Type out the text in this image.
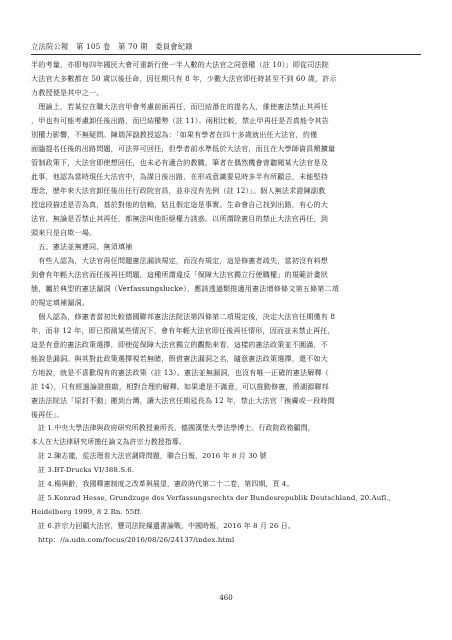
立法院公報　第 105 卷　第 70 期　委員會紀錄
半的考量，亦即每四年國民大會可重新行使一半人數的大法官之同意權（註 10）」即從司法院
大法官大多數都在 50 歲以後任命，因任期只有 8 年，少數大法官即任時甚至不到 60 歲，許示
力教授便是其中之一。
　理論上，若某位在職大法官甲會考慮前面再任，而巴結潛在的提名人，維使憲法禁止其再任
，甲也有可能考慮卸任後出路，而巴結權勢（註 11）。兩相比較，禁止甲再任是否真能令其告
別權力影響，不無疑問。陳瑞萍副教授認為：「如果有學者在四十多歲就出任大法官，約僅
面臨提名任後的出路問題，可法界可回任，但學者前水準低於大法官，而且在大學師資員額擴量
管制政策下，大法官即使想回任，也未必有適合的教職，筆者在偶然機會曾聽聞某大法官是及
此事，他認為當時現任大法官中，為謀日後出路，在形成意識要見時多半有所顧忌，未能堅持
理念，歷年來大法官卸任後出任行政院官員，並非沒有先例（註 12）」。個人無法求證陳副教
授這段描述是否為真，基於對他的信賴，姑且假定這是事實。生命會自己找到出路，有心的大
法官，無論是否禁止其再任，都無法叫他拒絕權力誘惑。以所謂除憲目的禁止大法官再任，到
頭來只是自欺一場。
　五、憲法並無連同、無須填補
　有些人認為，大法官再任問題憲法漏該規定，而沒有規定，這是修憲者疏失，當初沒有料想
到會有年輕大法官而任後再任問題，這種所謂違反「保障大法官獨立行使職權」的規範計畫狀
態，屬於典型的憲法漏洞（Verfassungslucke），應該透過類推適用憲法增修條文第五條第二項
的規定填補漏洞。
　個人認為，修憲者當初比較德國聯邦憲法法院法第四條第二項規定後，決定大法官任期僅有 8
年，而非 12 年，即已預測某些情況下，會有年輕大法官即任後再任情形，因而並未禁止再任，
這是有意的憲法政策選擇，即使從保障大法官獨立的觀點來看，這樣的憲法政策並不圓滿，不
能說是漏洞。與其對此政策選擇視若無睹，假借憲法漏洞之名，隨意憲法政策選擇，還不如大
方地說，就是不喜歡現有的憲法政策（註 13）。憲法並無漏洞，也沒有唯一正確的憲法解釋（
註 14），只有經過論證推敲，相對合理的解釋。如果還是不滿意，可以推動修憲，將湖源聯邦
憲法法院法「原封不動」搬到台灣，讓大法官任期延長為 12 年，禁止大法官「換膚或一段時間
後再任」。
　註 1.中央大學法律與政府研究所教授兼所長、德國漢堡大學法學博士、行政院政務顧問，
本人在大法律研究所擔任論文為許宗力教授指導。
　註 2.陳志龍，從法理看大法官調降問題，聯合日報，2016 年 8 月 30 號
　註 3.BT-Drucks VI/388.S.6.
　註 4.楊與齡，我國釋憲制度之改革與展望，憲政時代第二十二卷，第四期，頁 4。
　註 5.Konrad Hesse, Grundzuge des Verfassungsrechts der Bundesrepublik Deutschland, 20.Aufl.,
Heidelberg 1999, 8 2 Rn. 55ff.
　註 6.許宗力回顧大法官，豐司法院爆遺書論戰，中國時報，2016 年 8 月 26 日。
　http：//a.udn.com/focus/2016/08/26/24137/index.html
460
